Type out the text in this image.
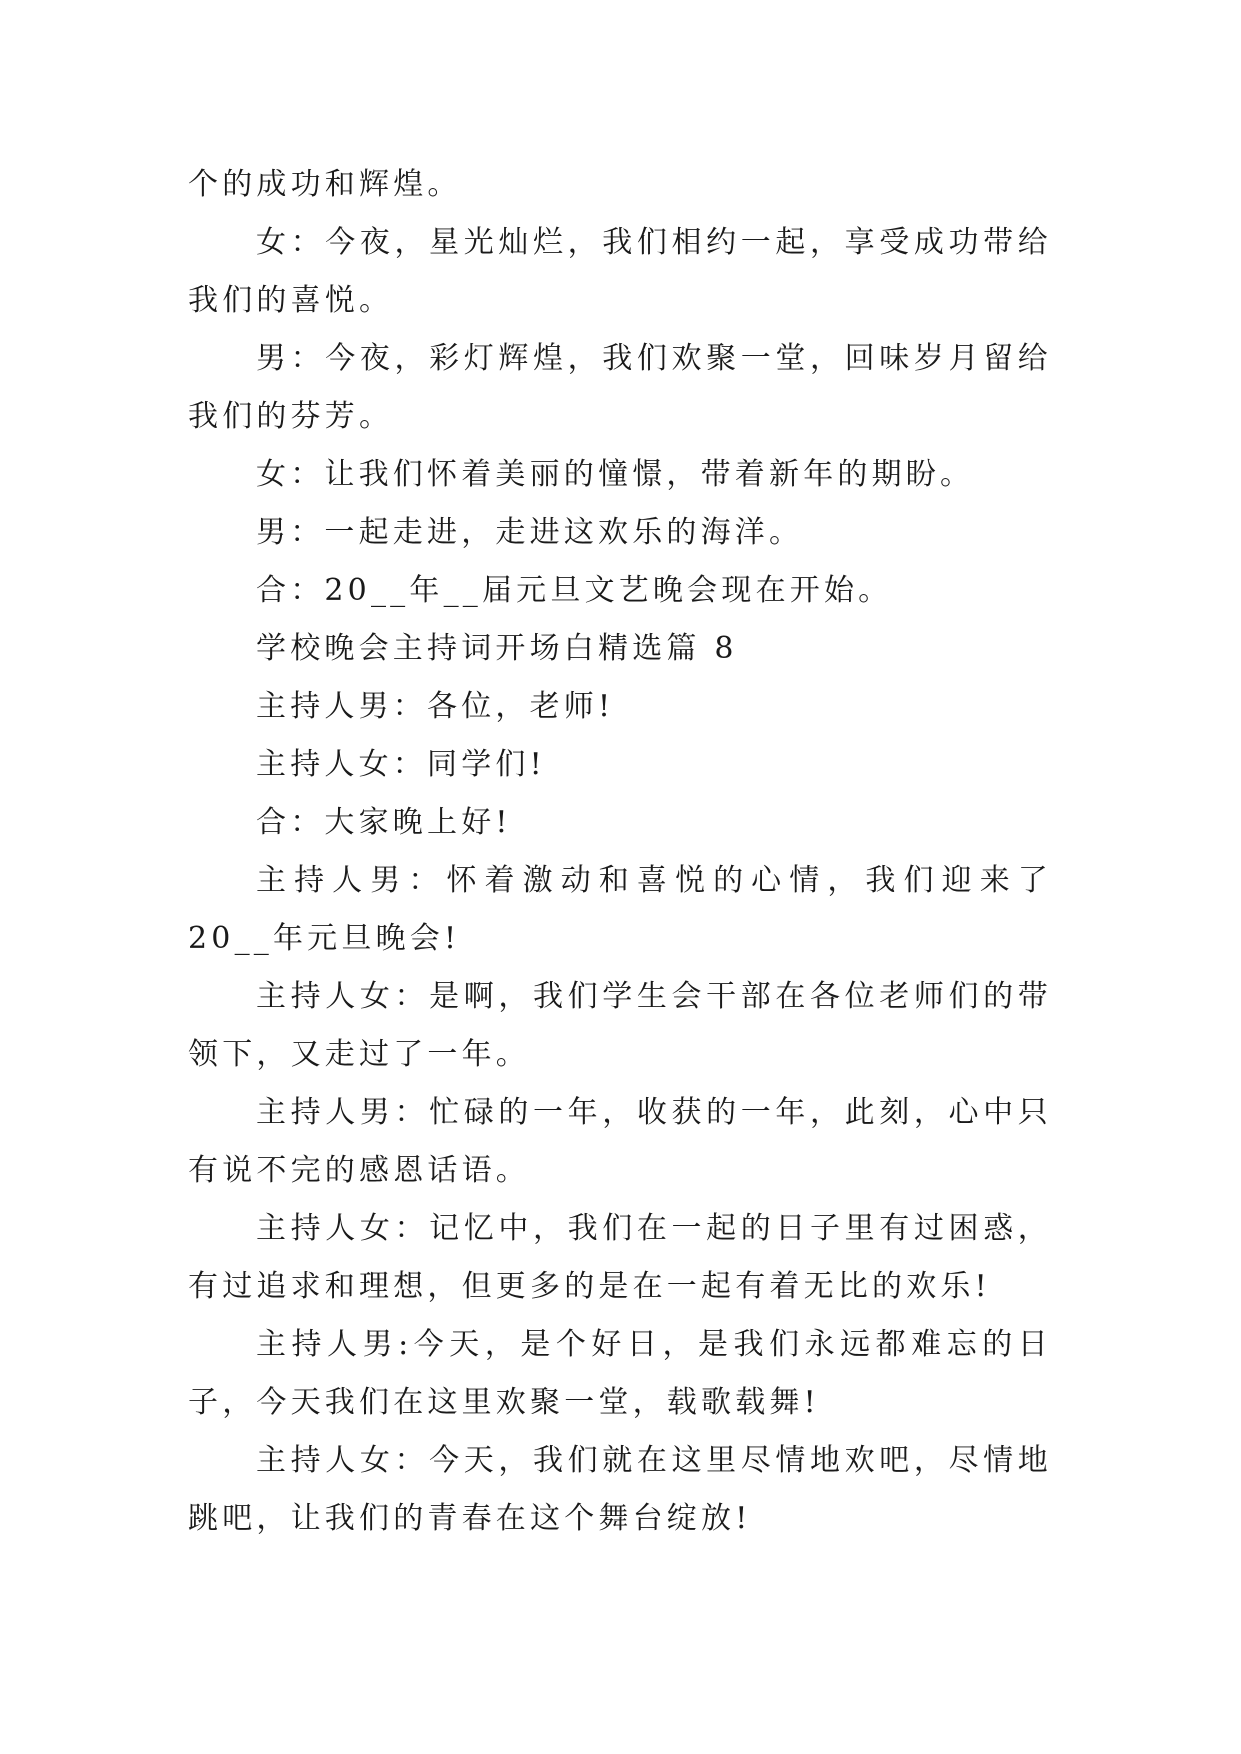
个的成功和辉煌。

女：今夜，星光灿烂，我们相约一起，享受成功带给我们的喜悦。

男：今夜，彩灯辉煌，我们欢聚一堂，回味岁月留给我们的芬芳。

女：让我们怀着美丽的憧憬，带着新年的期盼。

男：一起走进，走进这欢乐的海洋。

合：20__年__届元旦文艺晚会现在开始。

学校晚会主持词开场白精选篇 8

主持人男：各位，老师!

主持人女：同学们!

合：大家晚上好!

主持人男：怀着激动和喜悦的心情，我们迎来了 20__年元旦晚会!

主持人女：是啊，我们学生会干部在各位老师们的带领下，又走过了一年。

主持人男：忙碌的一年，收获的一年，此刻，心中只有说不完的感恩话语。

主持人女：记忆中，我们在一起的日子里有过困惑，有过追求和理想，但更多的是在一起有着无比的欢乐!

主持人男:今天，是个好日，是我们永远都难忘的日子，今天我们在这里欢聚一堂，载歌载舞!

主持人女：今天，我们就在这里尽情地欢吧，尽情地跳吧，让我们的青春在这个舞台绽放!
